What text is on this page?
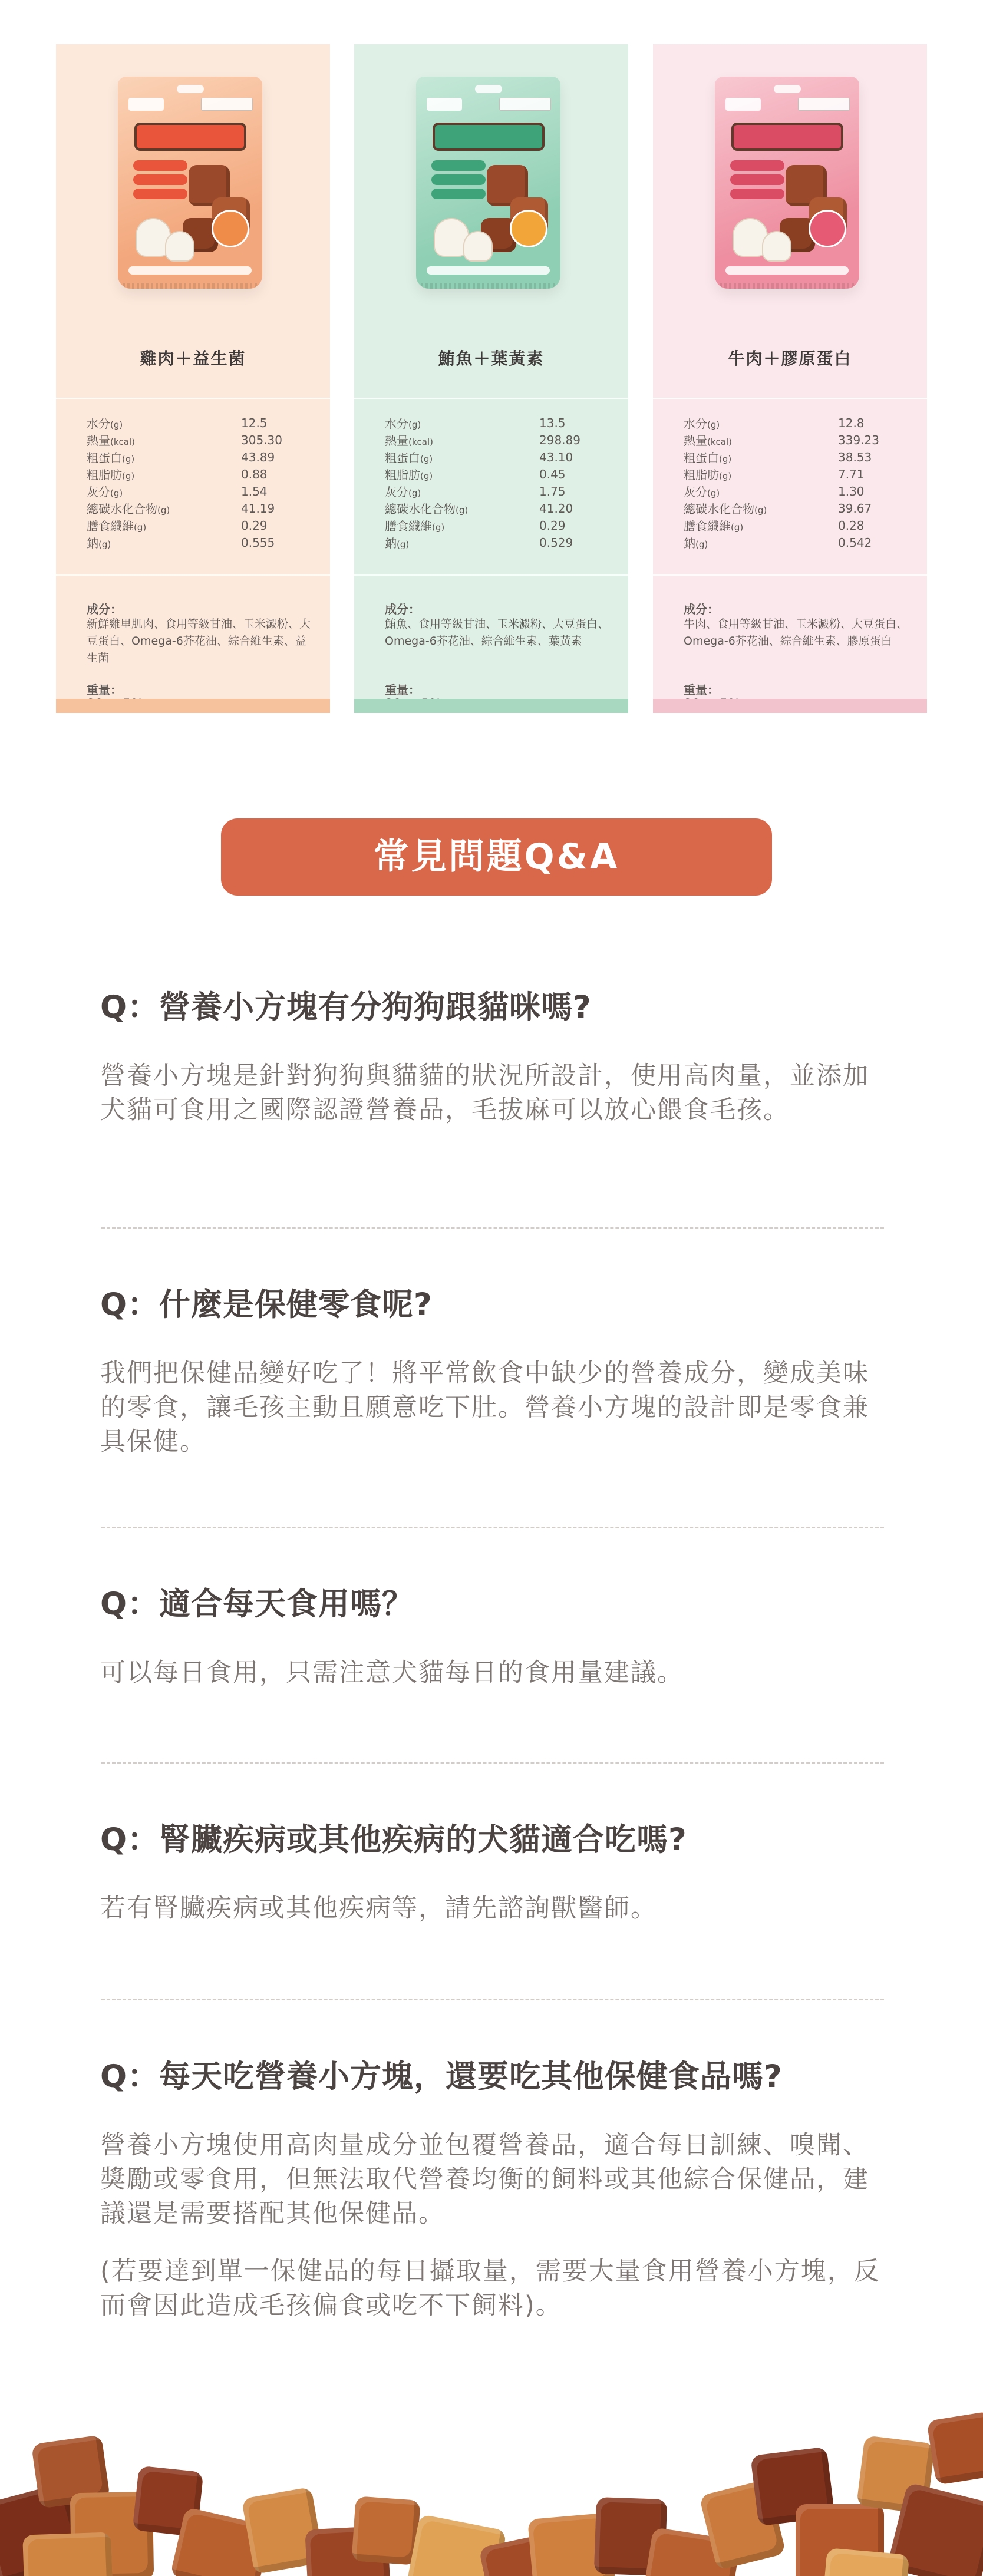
雞肉＋益生菌
水分(g)	12.5
熱量(kcal)	305.30
粗蛋白(g)	43.89
粗脂肪(g)	0.88
灰分(g)	1.54
總碳水化合物(g)	41.19
膳食纖維(g)	0.29
鈉(g)	0.555
成分：
新鮮雞里肌肉、食用等級甘油、玉米澱粉、大豆蛋白、Omega-6芥花油、綜合維生素、益生菌
重量：
鮪魚＋葉黃素
水分(g)	13.5
熱量(kcal)	298.89
粗蛋白(g)	43.10
粗脂肪(g)	0.45
灰分(g)	1.75
總碳水化合物(g)	41.20
膳食纖維(g)	0.29
鈉(g)	0.529
成分：
鮪魚、食用等級甘油、玉米澱粉、大豆蛋白、Omega-6芥花油、綜合維生素、葉黃素
重量：
牛肉＋膠原蛋白
水分(g)	12.8
熱量(kcal)	339.23
粗蛋白(g)	38.53
粗脂肪(g)	7.71
灰分(g)	1.30
總碳水化合物(g)	39.67
膳食纖維(g)	0.28
鈉(g)	0.542
成分：
牛肉、食用等級甘油、玉米澱粉、大豆蛋白、Omega-6芥花油、綜合維生素、膠原蛋白
重量：
常見問題Q&A
Q：營養小方塊有分狗狗跟貓咪嗎?

營養小方塊是針對狗狗與貓貓的狀況所設計，使用高肉量，並添加犬貓可食用之國際認證營養品，毛拔麻可以放心餵食毛孩。

Q：什麼是保健零食呢?

我們把保健品變好吃了！將平常飲食中缺少的營養成分，變成美味的零食，讓毛孩主動且願意吃下肚。營養小方塊的設計即是零食兼具保健。

Q：適合每天食用嗎？

可以每日食用，只需注意犬貓每日的食用量建議。

Q：腎臟疾病或其他疾病的犬貓適合吃嗎?

若有腎臟疾病或其他疾病等，請先諮詢獸醫師。

Q：每天吃營養小方塊，還要吃其他保健食品嗎?

營養小方塊使用高肉量成分並包覆營養品，適合每日訓練、嗅聞、獎勵或零食用，但無法取代營養均衡的飼料或其他綜合保健品，建議還是需要搭配其他保健品。

(若要達到單一保健品的每日攝取量，需要大量食用營養小方塊，反而會因此造成毛孩偏食或吃不下飼料)。
